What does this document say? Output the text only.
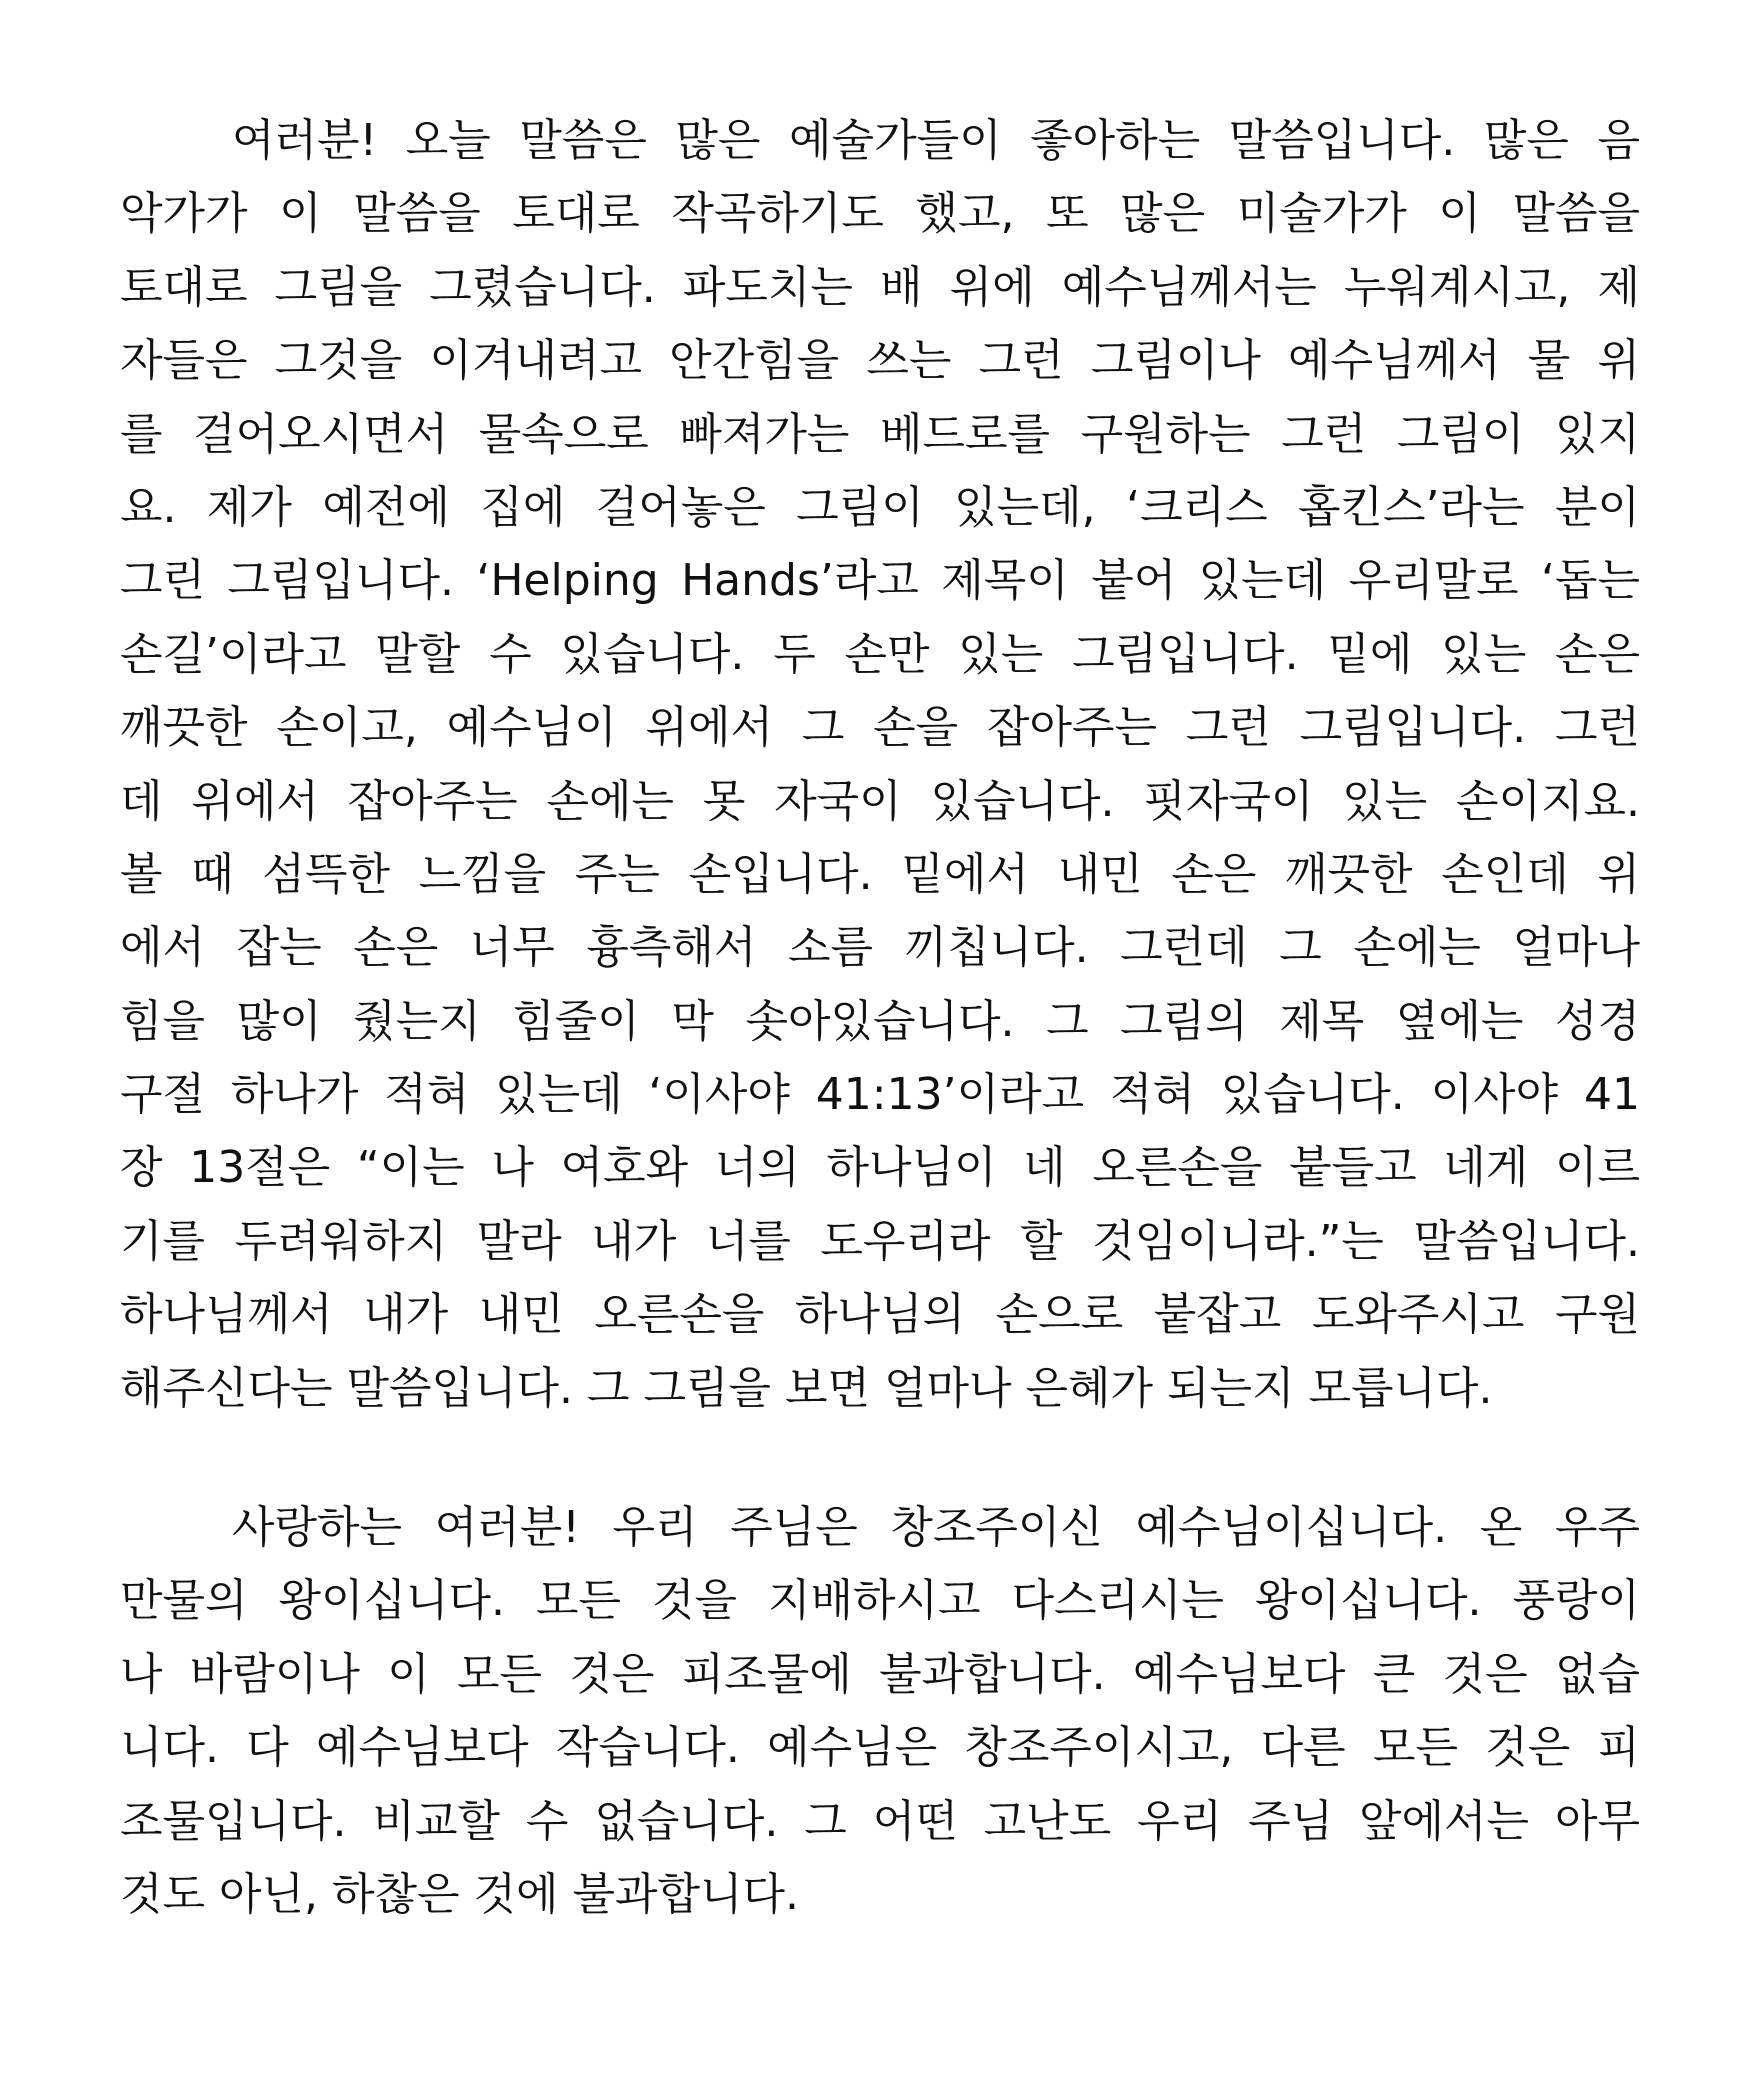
여러분! 오늘 말씀은 많은 예술가들이 좋아하는 말씀입니다. 많은 음
악가가 이 말씀을 토대로 작곡하기도 했고, 또 많은 미술가가 이 말씀을
토대로 그림을 그렸습니다. 파도치는 배 위에 예수님께서는 누워계시고, 제
자들은 그것을 이겨내려고 안간힘을 쓰는 그런 그림이나 예수님께서 물 위
를 걸어오시면서 물속으로 빠져가는 베드로를 구원하는 그런 그림이 있지
요. 제가 예전에 집에 걸어놓은 그림이 있는데, ‘크리스 홉킨스’라는 분이
그린 그림입니다. ‘Helping Hands’라고 제목이 붙어 있는데 우리말로 ‘돕는
손길’이라고 말할 수 있습니다. 두 손만 있는 그림입니다. 밑에 있는 손은
깨끗한 손이고, 예수님이 위에서 그 손을 잡아주는 그런 그림입니다. 그런
데 위에서 잡아주는 손에는 못 자국이 있습니다. 핏자국이 있는 손이지요.
볼 때 섬뜩한 느낌을 주는 손입니다. 밑에서 내민 손은 깨끗한 손인데 위
에서 잡는 손은 너무 흉측해서 소름 끼칩니다. 그런데 그 손에는 얼마나
힘을 많이 줬는지 힘줄이 막 솟아있습니다. 그 그림의 제목 옆에는 성경
구절 하나가 적혀 있는데 ‘이사야 41:13’이라고 적혀 있습니다. 이사야 41
장 13절은 “이는 나 여호와 너의 하나님이 네 오른손을 붙들고 네게 이르
기를 두려워하지 말라 내가 너를 도우리라 할 것임이니라.”는 말씀입니다.
하나님께서 내가 내민 오른손을 하나님의 손으로 붙잡고 도와주시고 구원
해주신다는 말씀입니다. 그 그림을 보면 얼마나 은혜가 되는지 모릅니다.
사랑하는 여러분! 우리 주님은 창조주이신 예수님이십니다. 온 우주
만물의 왕이십니다. 모든 것을 지배하시고 다스리시는 왕이십니다. 풍랑이
나 바람이나 이 모든 것은 피조물에 불과합니다. 예수님보다 큰 것은 없습
니다. 다 예수님보다 작습니다. 예수님은 창조주이시고, 다른 모든 것은 피
조물입니다. 비교할 수 없습니다. 그 어떤 고난도 우리 주님 앞에서는 아무
것도 아닌, 하찮은 것에 불과합니다.
